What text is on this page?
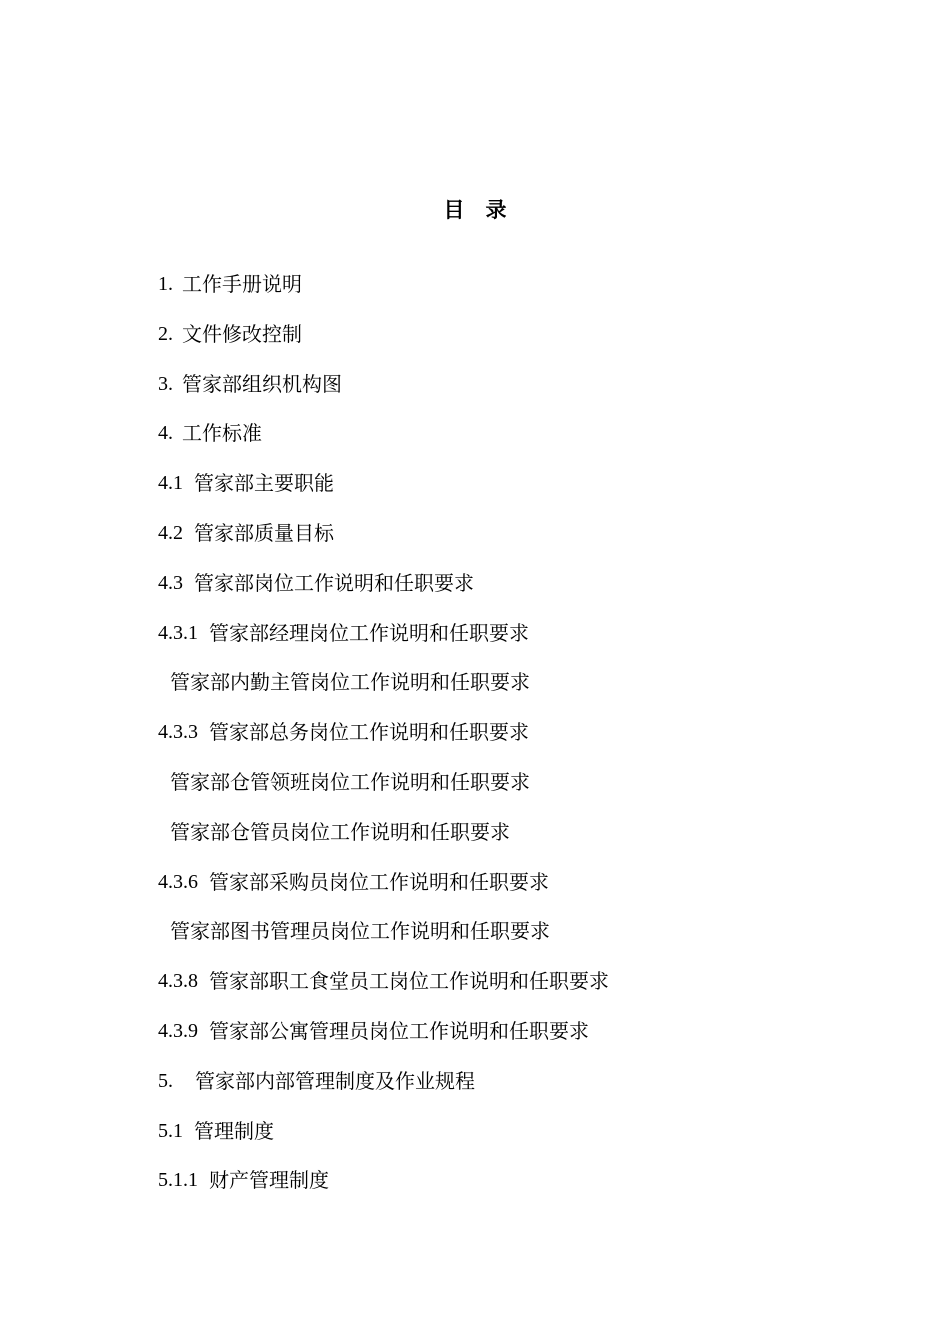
目　录
1. 工作手册说明
2. 文件修改控制
3. 管家部组织机构图
4. 工作标准
4.1 管家部主要职能
4.2 管家部质量目标
4.3 管家部岗位工作说明和任职要求
4.3.1 管家部经理岗位工作说明和任职要求
管家部内勤主管岗位工作说明和任职要求
4.3.3 管家部总务岗位工作说明和任职要求
管家部仓管领班岗位工作说明和任职要求
管家部仓管员岗位工作说明和任职要求
4.3.6 管家部采购员岗位工作说明和任职要求
管家部图书管理员岗位工作说明和任职要求
4.3.8 管家部职工食堂员工岗位工作说明和任职要求
4.3.9 管家部公寓管理员岗位工作说明和任职要求
5. 管家部内部管理制度及作业规程
5.1 管理制度
5.1.1 财产管理制度
